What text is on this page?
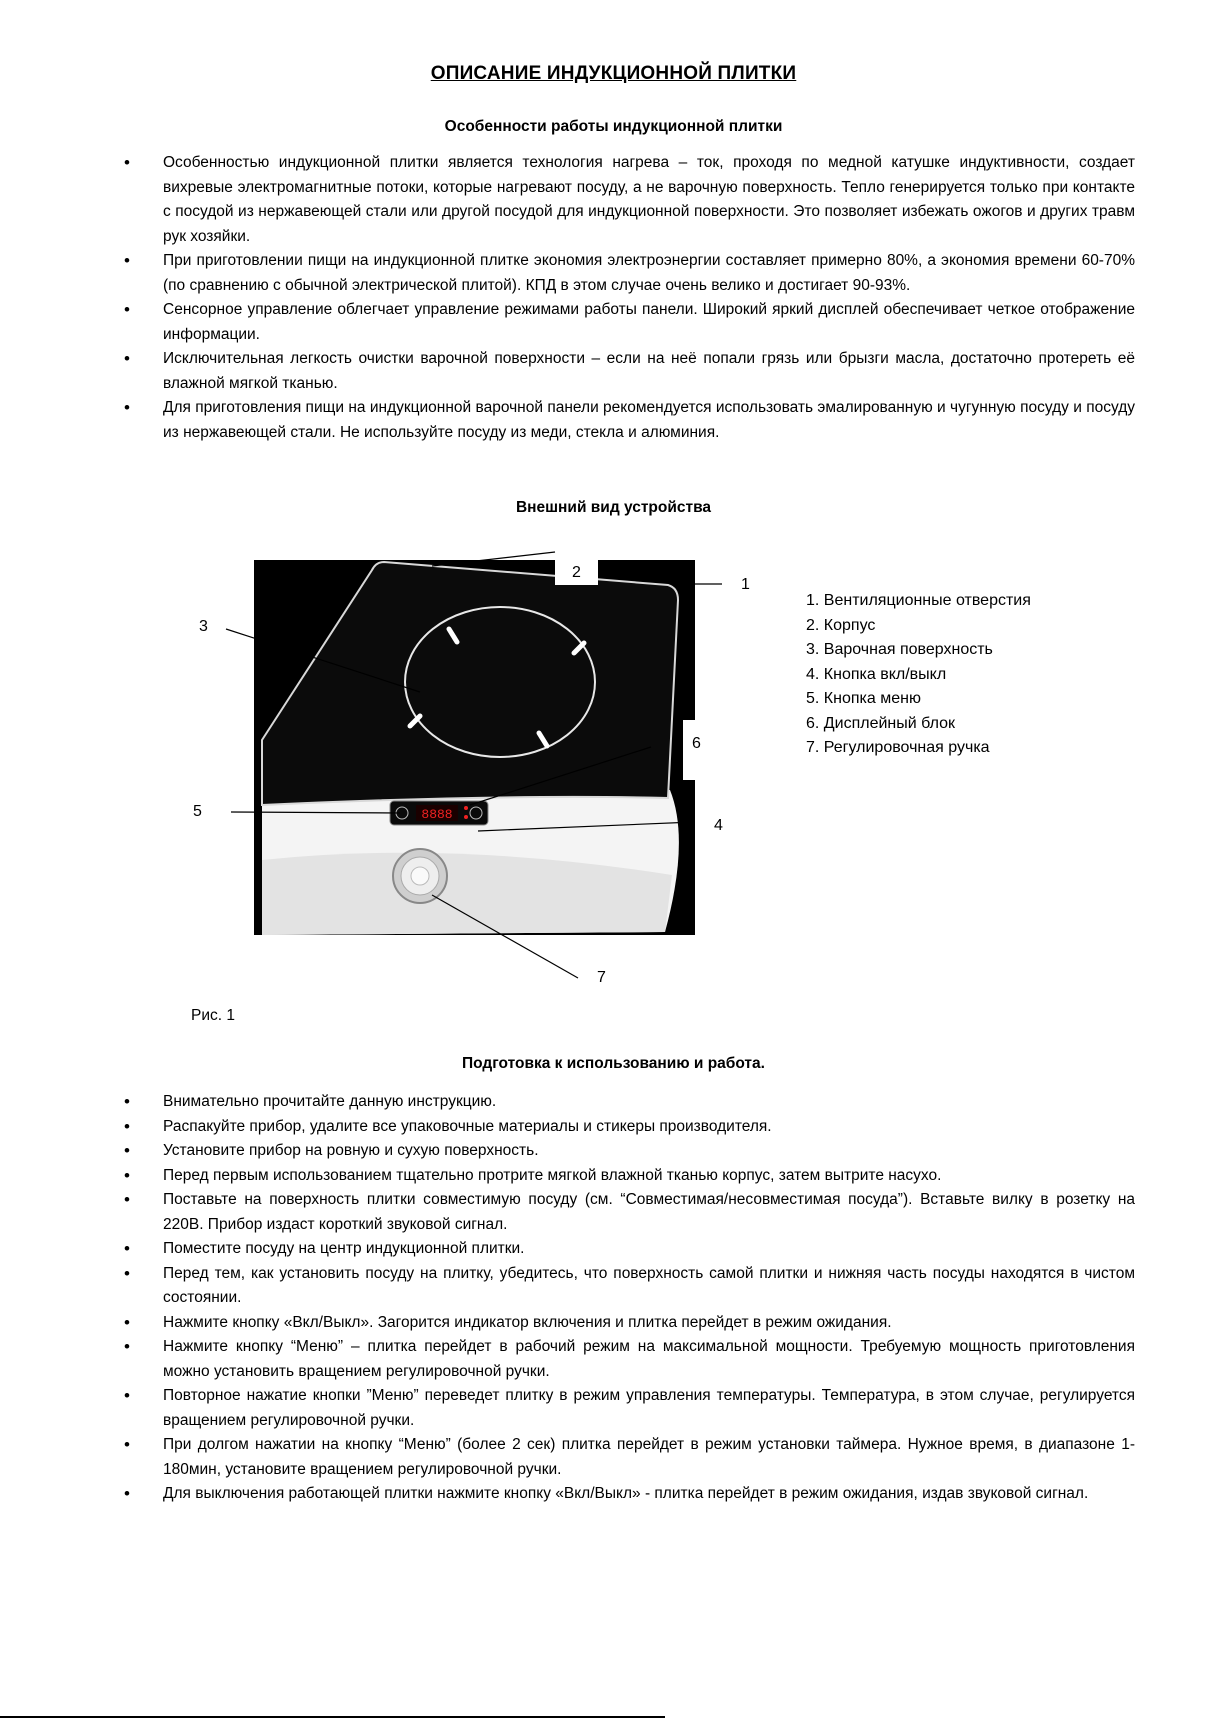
ОПИСАНИЕ ИНДУКЦИОННОЙ ПЛИТКИ
Особенности работы индукционной плитки
• Особенностью индукционной плитки является технология нагрева – ток, проходя по медной катушке индуктивности, создает вихревые электромагнитные потоки, которые нагревают посуду, а не варочную поверхность. Тепло генерируется только при контакте с посудой из нержавеющей стали или другой посудой для индукционной поверхности. Это позволяет избежать ожогов и других травм рук хозяйки.
• При приготовлении пищи на индукционной плитке экономия электроэнергии составляет примерно 80%, а экономия времени 60-70% (по сравнению с обычной электрической плитой). КПД в этом случае очень велико и достигает 90-93%.
• Сенсорное управление облегчает управление режимами работы панели. Широкий яркий дисплей обеспечивает четкое отображение информации.
• Исключительная легкость очистки варочной поверхности – если на неё попали грязь или брызги масла, достаточно протереть её влажной мягкой тканью.
• Для приготовления пищи на индукционной варочной панели рекомендуется использовать эмалированную и чугунную посуду и посуду из нержавеющей стали. Не используйте посуду из меди, стекла и алюминия.
Внешний вид устройства
8888
1
2
3
4
5
6
7
1. Вентиляционные отверстия
2. Корпус
3. Варочная поверхность
4. Кнопка вкл/выкл
5. Кнопка меню
6. Дисплейный блок
7. Регулировочная ручка
Рис. 1
Подготовка к использованию и работа.
• Внимательно прочитайте данную инструкцию.
• Распакуйте прибор, удалите все упаковочные материалы и стикеры производителя.
• Установите прибор на ровную и сухую поверхность.
• Перед первым использованием тщательно протрите мягкой влажной тканью корпус, затем вытрите насухо.
• Поставьте на поверхность плитки совместимую посуду (см. “Совместимая/несовместимая посуда”). Вставьте вилку в розетку на 220В. Прибор издаст короткий звуковой сигнал.
• Поместите посуду на центр индукционной плитки.
• Перед тем, как установить посуду на плитку, убедитесь, что поверхность самой плитки и нижняя часть посуды находятся в чистом состоянии.
• Нажмите кнопку «Вкл/Выкл». Загорится индикатор включения и плитка перейдет в режим ожидания.
• Нажмите кнопку “Меню” – плитка перейдет в рабочий режим на максимальной мощности. Требуемую мощность приготовления можно установить вращением регулировочной ручки.
• Повторное нажатие кнопки ”Меню” переведет плитку в режим управления температуры. Температура, в этом случае, регулируется вращением регулировочной ручки.
• При долгом нажатии на кнопку “Меню” (более 2 сек) плитка перейдет в режим установки таймера. Нужное время, в диапазоне 1-180мин, установите вращением регулировочной ручки.
• Для выключения работающей плитки нажмите кнопку «Вкл/Выкл» - плитка перейдет в режим ожидания, издав звуковой сигнал.
